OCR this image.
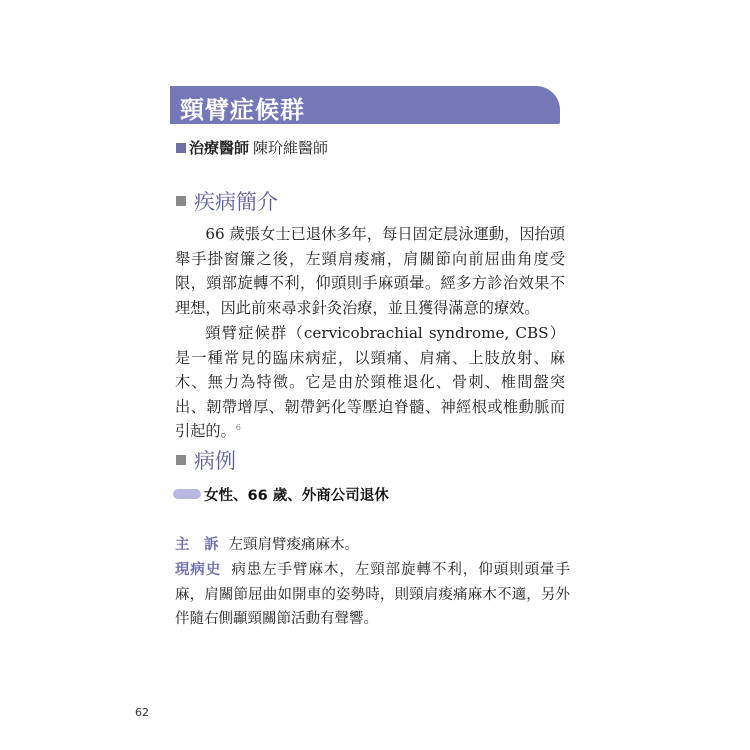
頸臂症候群
治療醫師 陳玠維醫師
疾病簡介
66 歲張女士已退休多年，每日固定晨泳運動，因抬頭舉手掛窗簾之後，左頸肩痠痛，肩關節向前屈曲角度受限，頸部旋轉不利，仰頭則手麻頭暈。經多方診治效果不理想，因此前來尋求針灸治療，並且獲得滿意的療效。
頸臂症候群（cervicobrachial syndrome, CBS）是一種常見的臨床病症，以頸痛、肩痛、上肢放射、麻木、無力為特徵。它是由於頸椎退化、骨刺、椎間盤突出、韌帶增厚、韌帶鈣化等壓迫脊髓、神經根或椎動脈而引起的。$^6$
病例
女性、66 歲、外商公司退休
主　訴 左頸肩臂痠痛麻木。
現病史 病患左手臂麻木，左頸部旋轉不利，仰頭則頭暈手麻，肩關節屈曲如開車的姿勢時，則頸肩痠痛麻木不適，另外伴隨右側顳頸關節活動有聲響。
62
